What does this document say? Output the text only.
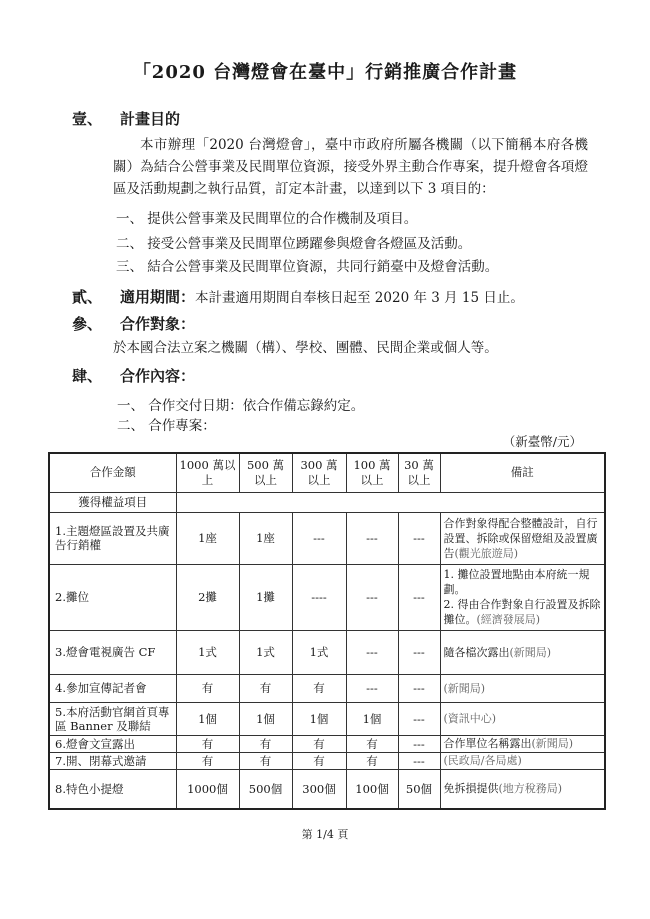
「2020 台灣燈會在臺中」行銷推廣合作計畫
壹、 計畫目的
本市辦理「2020 台灣燈會」，臺中市政府所屬各機關（以下簡稱本府各機關）為結合公營事業及民間單位資源，接受外界主動合作專案，提升燈會各項燈區及活動規劃之執行品質，訂定本計畫，以達到以下 3 項目的：
一、 提供公營事業及民間單位的合作機制及項目。
二、 接受公營事業及民間單位踴躍參與燈會各燈區及活動。
三、 結合公營事業及民間單位資源，共同行銷臺中及燈會活動。
貳、 適用期間：本計畫適用期間自奉核日起至 2020 年 3 月 15 日止。
參、 合作對象：
於本國合法立案之機關（構）、學校、團體、民間企業或個人等。
肆、 合作內容：
一、 合作交付日期：依合作備忘錄約定。
二、 合作專案：
（新臺幣/元）
合作金額	1000 萬以上	500 萬以上	300 萬以上	100 萬以上	30 萬以上	備註
獲得權益項目						
1.主題燈區設置及共廣告行銷權	1座	1座	---	---	---	合作對象得配合整體設計，自行設置、拆除或保留燈組及設置廣告(觀光旅遊局)
2.攤位	2攤	1攤	----	---	---	1. 攤位設置地點由本府統一規劃。
2. 得由合作對象自行設置及拆除攤位。(經濟發展局)

3.燈會電視廣告 CF	1式	1式	1式	---	---	隨各檔次露出(新聞局)
4.參加宣傳記者會	有	有	有	---	---	(新聞局)
5.本府活動官網首頁專區 Banner 及聯結	1個	1個	1個	1個	---	(資訊中心)
6.燈會文宣露出	有	有	有	有	---	合作單位名稱露出(新聞局)
7.開、閉幕式邀請	有	有	有	有	---	(民政局/各局處)
8.特色小提燈	1000個	500個	300個	100個	50個	免拆損提供(地方稅務局)
第 1/4 頁
